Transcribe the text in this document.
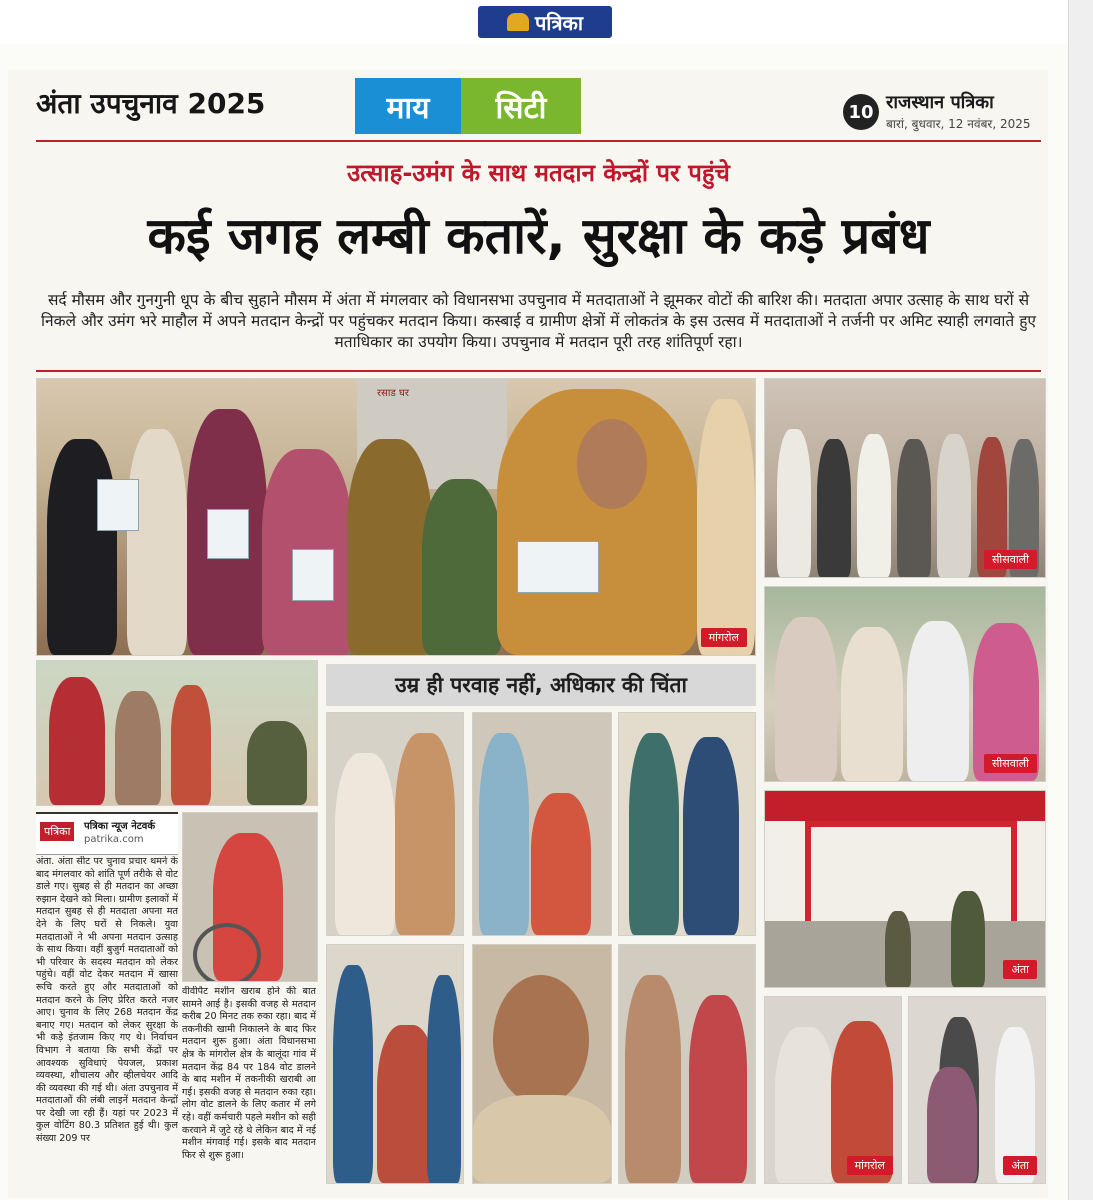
पत्रिका
अंता उपचुनाव 2025	माय	सिटी	10 राजस्थान पत्रिका
बारां, बुधवार, 12 नवंबर, 2025
उत्साह-उमंग के साथ मतदान केन्द्रों पर पहुंचे
कई जगह लम्बी कतारें, सुरक्षा के कड़े प्रबंध
सर्द मौसम और गुनगुनी धूप के बीच सुहाने मौसम में अंता में मंगलवार को विधानसभा उपचुनाव में मतदाताओं ने झूमकर वोटों की बारिश की। मतदाता अपार उत्साह के साथ घरों से निकले और उमंग भरे माहौल में अपने मतदान केन्द्रों पर पहुंचकर मतदान किया। कस्बाई व ग्रामीण क्षेत्रों में लोकतंत्र के इस उत्सव में मतदाताओं ने तर्जनी पर अमिट स्याही लगवाते हुए मताधिकार का उपयोग किया। उपचुनाव में मतदान पूरी तरह शांतिपूर्ण रहा।
रसाड घर
मांगरोल
सीसवाली
सीसवाली
अंता
मांगरोल	अंता
पत्रिका	पत्रिका न्यूज नेटवर्क
patrika.com
अंता. अंता सीट पर चुनाव प्रचार थमने के बाद मंगलवार को शांति पूर्ण तरीके से वोट डाले गए। सुबह से ही मतदान का अच्छा रुझान देखने को मिला। ग्रामीण इलाकों में मतदान सुबह से ही मतदाता अपना मत देने के लिए घरों से निकले। युवा मतदाताओं ने भी अपना मतदान उत्साह के साथ किया। वहीं बुजुर्ग मतदाताओं को भी परिवार के सदस्य मतदान को लेकर पहुंचे। वहीं वोट देकर मतदान में खासा रूचि करते हुए और मतदाताओं को मतदान करने के लिए प्रेरित करते नजर आए। चुनाव के लिए 268 मतदान केंद्र बनाए गए। मतदान को लेकर सुरक्षा के भी कड़े इंतजाम किए गए थे। निर्वाचन विभाग ने बताया कि सभी केंद्रों पर आवश्यक सुविधाएं पेयजल, प्रकाश व्यवस्था, शौचालय और व्हीलचेयर आदि की व्यवस्था की गई थी। अंता उपचुनाव में मतदाताओं की लंबी लाइनें मतदान केन्द्रों पर देखी जा रही हैं। यहां पर 2023 में कुल वोटिंग 80.3 प्रतिशत हुई थी। कुल संख्या 209 पर
वीवीपैट मशीन खराब होने की बात सामने आई है। इसकी वजह से मतदान करीब 20 मिनट तक रुका रहा। बाद में तकनीकी खामी निकालने के बाद फिर मतदान शुरू हुआ। अंता विधानसभा क्षेत्र के मांगरोल क्षेत्र के बालूंदा गांव में मतदान केंद्र 84 पर 184 वोट डालने के बाद मशीन में तकनीकी खराबी आ गई। इसकी वजह से मतदान रुका रहा। लोग वोट डालने के लिए कतार में लगे रहे। वहीं कर्मचारी पहले मशीन को सही करवाने में जुटे रहे थे लेकिन बाद में नई मशीन मंगवाई गई। इसके बाद मतदान फिर से शुरू हुआ।
उम्र ही परवाह नहीं, अधिकार की चिंता
